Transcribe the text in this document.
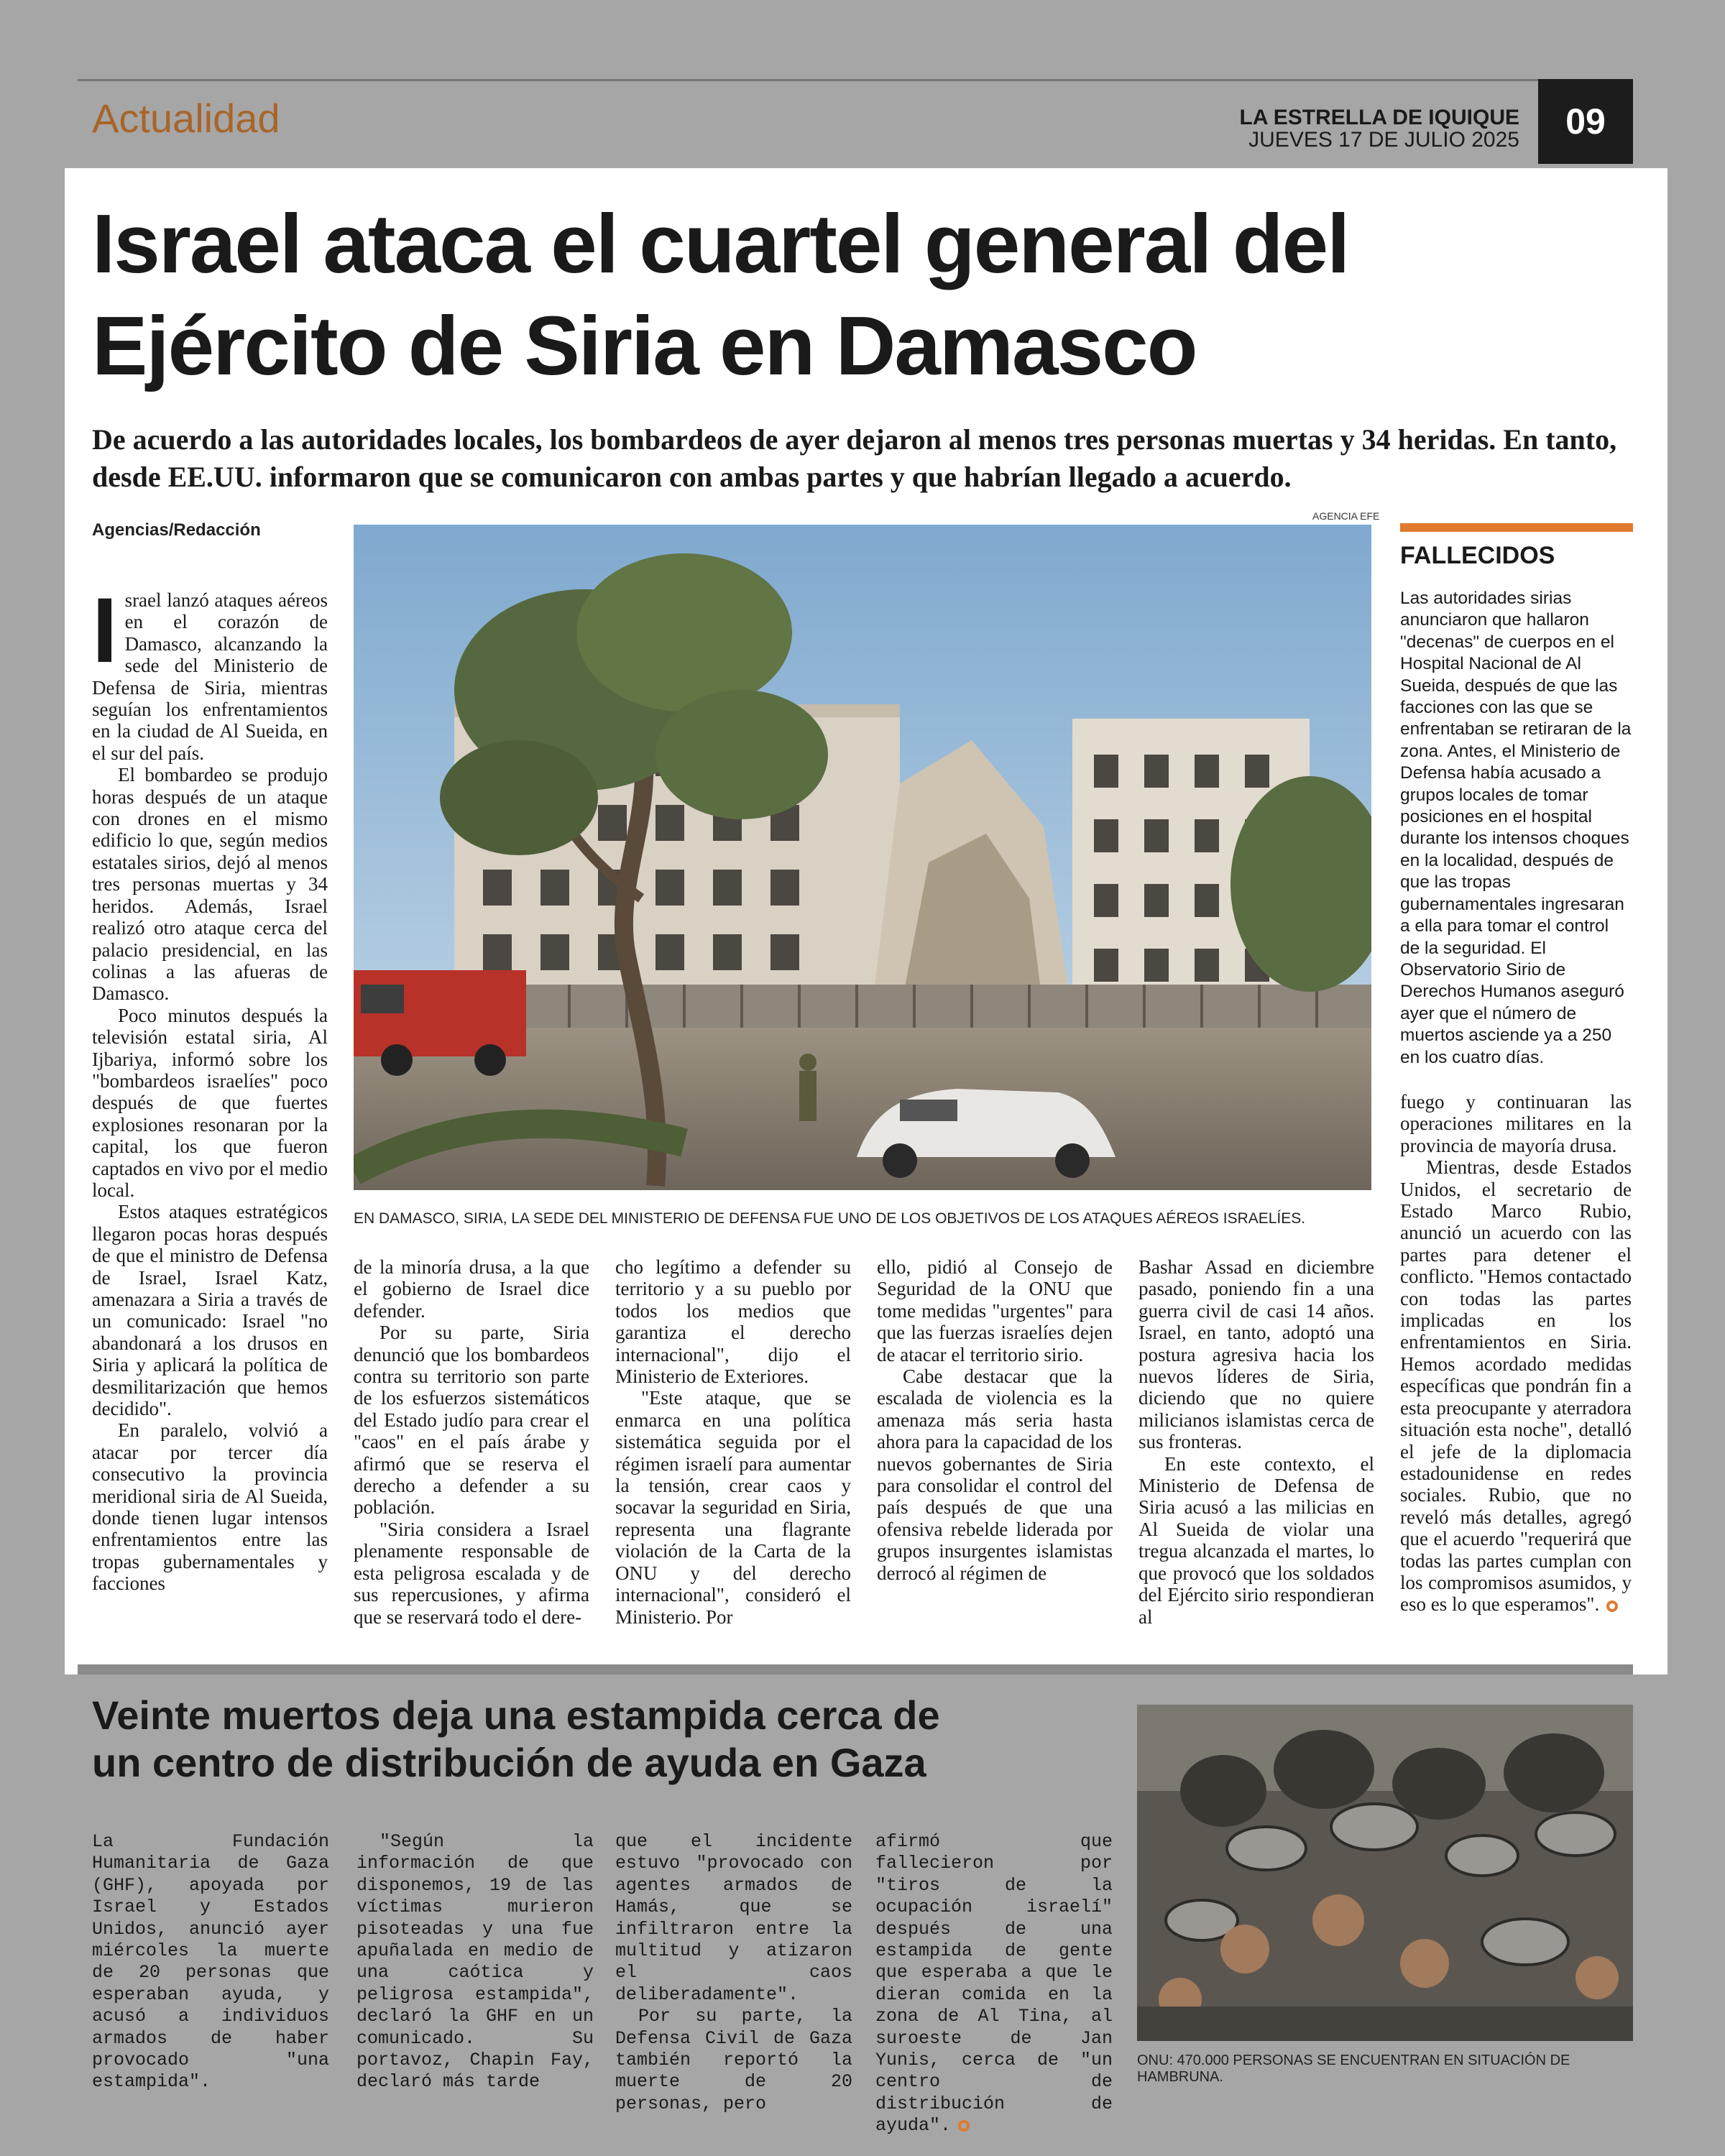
Actualidad	LA ESTRELLA DE IQUIQUE
JUEVES 17 DE JULIO 2025	09
Israel ataca el cuartel general del
Ejército de Siria en Damasco

De acuerdo a las autoridades locales, los bombardeos de ayer dejaron al menos tres personas muertas y 34 heridas. En tanto, desde EE.UU. informaron que se comunicaron con ambas partes y que habrían llegado a acuerdo.

Agencias/Redacción
AGENCIA EFE
EN DAMASCO, SIRIA, LA SEDE DEL MINISTERIO DE DEFENSA FUE UNO DE LOS OBJETIVOS DE LOS ATAQUES AÉREOS ISRAELÍES.

Israel lanzó ataques aéreos en el corazón de Damasco, alcanzando la sede del Ministerio de Defensa de Siria, mientras seguían los enfrentamientos en la ciudad de Al Sueida, en el sur del país.

El bombardeo se produjo horas después de un ataque con drones en el mismo edificio lo que, según medios estatales sirios, dejó al menos tres personas muertas y 34 heridos. Además, Israel realizó otro ataque cerca del palacio presidencial, en las colinas a las afueras de Damasco.

Poco minutos después la televisión estatal siria, Al Ijbariya, informó sobre los "bombardeos israelíes" poco después de que fuertes explosiones resonaran por la capital, los que fueron captados en vivo por el medio local.

Estos ataques estratégicos llegaron pocas horas después de que el ministro de Defensa de Israel, Israel Katz, amenazara a Siria a través de un comunicado: Israel "no abandonará a los drusos en Siria y aplicará la política de desmilitarización que hemos decidido".

En paralelo, volvió a atacar por tercer día consecutivo la provincia meridional siria de Al Sueida, donde tienen lugar intensos enfrentamientos entre las tropas gubernamentales y facciones

de la minoría drusa, a la que el gobierno de Israel dice defender.

Por su parte, Siria denunció que los bombardeos contra su territorio son parte de los esfuerzos sistemáticos del Estado judío para crear el "caos" en el país árabe y afirmó que se reserva el derecho a defender a su población.

"Siria considera a Israel plenamente responsable de esta peligrosa escalada y de sus repercusiones, y afirma que se reservará todo el dere-

cho legítimo a defender su territorio y a su pueblo por todos los medios que garantiza el derecho internacional", dijo el Ministerio de Exteriores.

"Este ataque, que se enmarca en una política sistemática seguida por el régimen israelí para aumentar la tensión, crear caos y socavar la seguridad en Siria, representa una flagrante violación de la Carta de la ONU y del derecho internacional", consideró el Ministerio. Por

ello, pidió al Consejo de Seguridad de la ONU que tome medidas "urgentes" para que las fuerzas israelíes dejen de atacar el territorio sirio.

Cabe destacar que la escalada de violencia es la amenaza más seria hasta ahora para la capacidad de los nuevos gobernantes de Siria para consolidar el control del país después de que una ofensiva rebelde liderada por grupos insurgentes islamistas derrocó al régimen de

Bashar Assad en diciembre pasado, poniendo fin a una guerra civil de casi 14 años. Israel, en tanto, adoptó una postura agresiva hacia los nuevos líderes de Siria, diciendo que no quiere milicianos islamistas cerca de sus fronteras.

En este contexto, el Ministerio de Defensa de Siria acusó a las milicias en Al Sueida de violar una tregua alcanzada el martes, lo que provocó que los soldados del Ejército sirio respondieran al

FALLECIDOS
Las autoridades sirias anunciaron que hallaron "decenas" de cuerpos en el Hospital Nacional de Al Sueida, después de que las facciones con las que se enfrentaban se retiraran de la zona. Antes, el Ministerio de Defensa había acusado a grupos locales de tomar posiciones en el hospital durante los intensos choques en la localidad, después de que las tropas gubernamentales ingresaran a ella para tomar el control de la seguridad. El Observatorio Sirio de Derechos Humanos aseguró ayer que el número de muertos asciende ya a 250 en los cuatro días.

fuego y continuaran las operaciones militares en la provincia de mayoría drusa.

Mientras, desde Estados Unidos, el secretario de Estado Marco Rubio, anunció un acuerdo con las partes para detener el conflicto. "Hemos contactado con todas las partes implicadas en los enfrentamientos en Siria. Hemos acordado medidas específicas que pondrán fin a esta preocupante y aterradora situación esta noche", detalló el jefe de la diplomacia estadounidense en redes sociales. Rubio, que no reveló más detalles, agregó que el acuerdo "requerirá que todas las partes cumplan con los compromisos asumidos, y eso es lo que esperamos".

Veinte muertos deja una estampida cerca de
un centro de distribución de ayuda en Gaza

La Fundación Humanitaria de Gaza (GHF), apoyada por Israel y Estados Unidos, anunció ayer miércoles la muerte de 20 personas que esperaban ayuda, y acusó a individuos armados de haber provocado "una estampida".

"Según la información de que disponemos, 19 de las víctimas murieron pisoteadas y una fue apuñalada en medio de una caótica y peligrosa estampida", declaró la GHF en un comunicado. Su portavoz, Chapin Fay, declaró más tarde

que el incidente estuvo "provocado con agentes armados de Hamás, que se infiltraron entre la multitud y atizaron el caos deliberadamente".

Por su parte, la Defensa Civil de Gaza también reportó la muerte de 20 personas, pero

afirmó que fallecieron por "tiros de la ocupación israelí" después de una estampida de gente que esperaba a que le dieran comida en la zona de Al Tina, al suroeste de Jan Yunis, cerca de "un centro de distribución de ayuda".

ONU: 470.000 PERSONAS SE ENCUENTRAN EN SITUACIÓN DE HAMBRUNA.
